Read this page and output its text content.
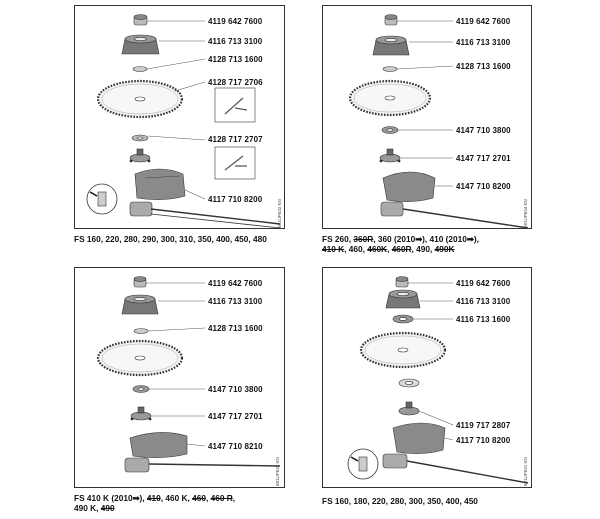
4119 642 7600
4116 713 3100
4128 713 1600
4128 717 2706
4128 717 2707
4117 710 8200	681UP632 KN
FS 160, 220, 280, 290, 300, 310, 350, 400, 450, 480
4119 642 7600
4116 713 3100
4128 713 1600
4147 710 3800
4147 717 2701
4147 710 8200
681UP634 KN
FS 260, 360R, 360 (2010➡), 410 (2010➡),
410 K, 460, 460K, 460R, 490, 490K
4119 642 7600
4116 713 3100
4128 713 1600
4147 710 3800
4147 717 2701
4147 710 8210
681UP633 KN
FS 410 K (2010➡), 410, 460 K, 460, 460 R,
490 K, 490
4119 642 7600
4116 713 3100
4116 713 1600
4119 717 2807
4117 710 8200
681UP631 KN
FS 160, 180, 220, 280, 300, 350, 400, 450
